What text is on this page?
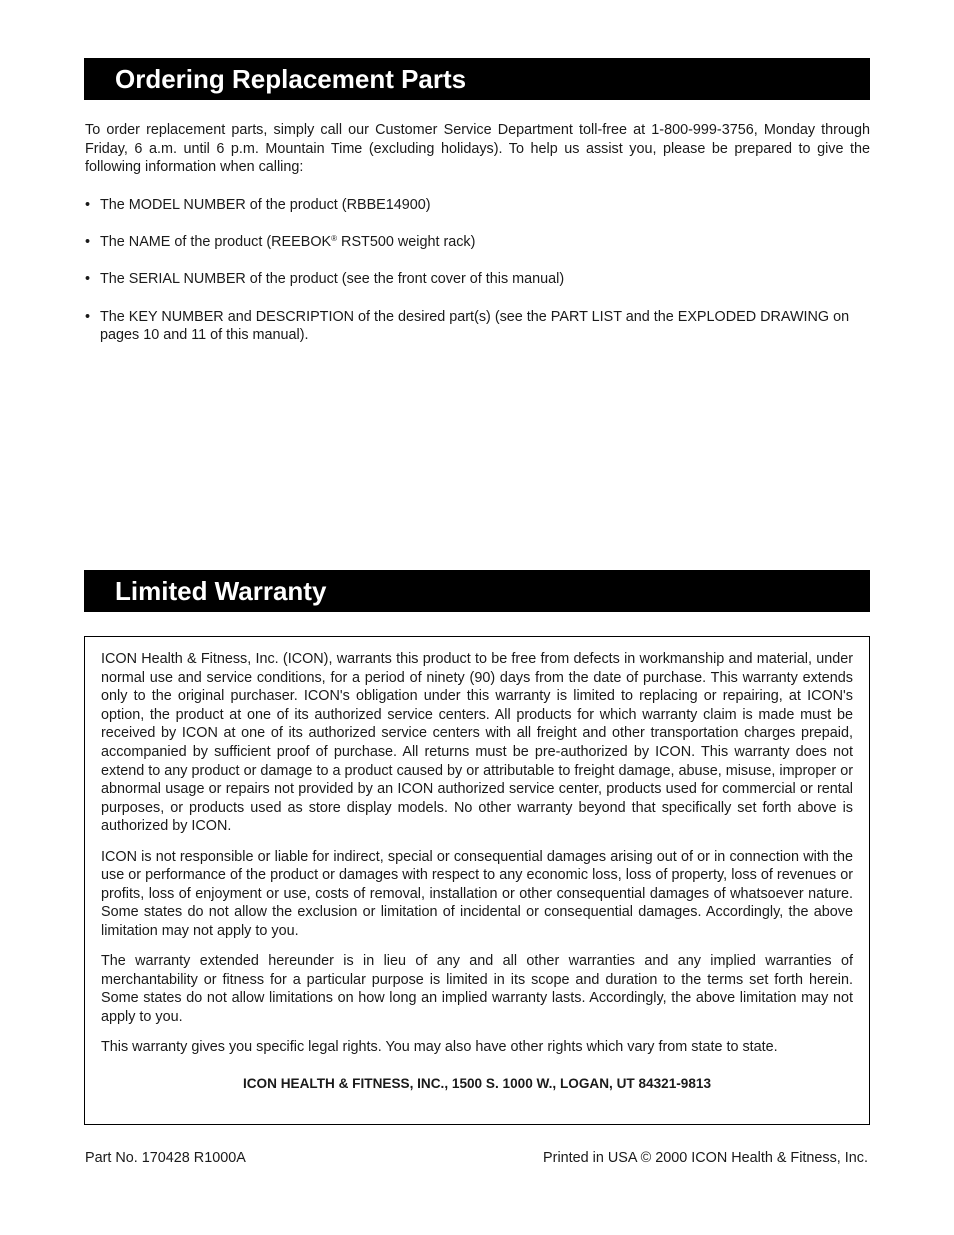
Ordering Replacement Parts

To order replacement parts, simply call our Customer Service Department toll-free at 1-800-999-3756, Monday through Friday, 6 a.m. until 6 p.m. Mountain Time (excluding holidays). To help us assist you, please be prepared to give the following information when calling:

• The MODEL NUMBER of the product (RBBE14900)
• The NAME of the product (REEBOK® RST500 weight rack)
• The SERIAL NUMBER of the product (see the front cover of this manual)
• The KEY NUMBER and DESCRIPTION of the desired part(s) (see the PART LIST and the EXPLODED DRAWING on pages 10 and 11 of this manual).
Limited Warranty

ICON Health & Fitness, Inc. (ICON), warrants this product to be free from defects in workmanship and material, under normal use and service conditions, for a period of ninety (90) days from the date of purchase. This warranty extends only to the original purchaser. ICON's obligation under this warranty is limited to replacing or repairing, at ICON's option, the product at one of its authorized service centers. All products for which warranty claim is made must be received by ICON at one of its authorized service centers with all freight and other transportation charges prepaid, accompanied by sufficient proof of purchase. All returns must be pre-authorized by ICON. This warranty does not extend to any product or damage to a product caused by or attributable to freight damage, abuse, misuse, improper or abnormal usage or repairs not provided by an ICON authorized service center, products used for commercial or rental purposes, or products used as store display models. No other warranty beyond that specifically set forth above is authorized by ICON.

ICON is not responsible or liable for indirect, special or consequential damages arising out of or in connection with the use or performance of the product or damages with respect to any economic loss, loss of property, loss of revenues or profits, loss of enjoyment or use, costs of removal, installation or other consequential damages of whatsoever nature. Some states do not allow the exclusion or limitation of incidental or consequential damages. Accordingly, the above limitation may not apply to you.

The warranty extended hereunder is in lieu of any and all other warranties and any implied warranties of merchantability or fitness for a particular purpose is limited in its scope and duration to the terms set forth herein. Some states do not allow limitations on how long an implied warranty lasts. Accordingly, the above limitation may not apply to you.

This warranty gives you specific legal rights. You may also have other rights which vary from state to state.

ICON HEALTH & FITNESS, INC., 1500 S. 1000 W., LOGAN, UT 84321-9813

Part No. 170428 R1000A	Printed in USA © 2000 ICON Health & Fitness, Inc.
